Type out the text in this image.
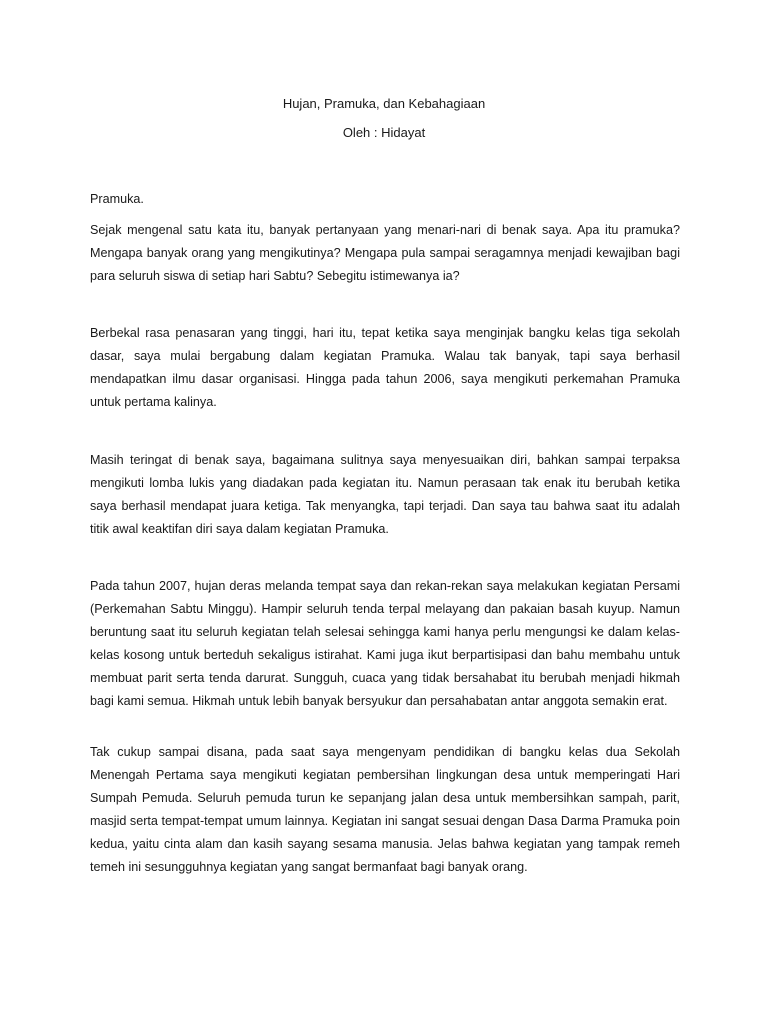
Hujan, Pramuka, dan Kebahagiaan

Oleh : Hidayat

Pramuka.

Sejak mengenal satu kata itu, banyak pertanyaan yang menari-nari di benak saya. Apa itu pramuka? Mengapa banyak orang yang mengikutinya? Mengapa pula sampai seragamnya menjadi kewajiban bagi para seluruh siswa di setiap hari Sabtu? Sebegitu istimewanya ia?

Berbekal rasa penasaran yang tinggi, hari itu, tepat ketika saya menginjak bangku kelas tiga sekolah dasar, saya mulai bergabung dalam kegiatan Pramuka. Walau tak banyak, tapi saya berhasil mendapatkan ilmu dasar organisasi. Hingga pada tahun 2006, saya mengikuti perkemahan Pramuka untuk pertama kalinya.

Masih teringat di benak saya, bagaimana sulitnya saya menyesuaikan diri, bahkan sampai terpaksa mengikuti lomba lukis yang diadakan pada kegiatan itu. Namun perasaan tak enak itu berubah ketika saya berhasil mendapat juara ketiga. Tak menyangka, tapi terjadi. Dan saya tau bahwa saat itu adalah titik awal keaktifan diri saya dalam kegiatan Pramuka.

Pada tahun 2007, hujan deras melanda tempat saya dan rekan-rekan saya melakukan kegiatan Persami (Perkemahan Sabtu Minggu). Hampir seluruh tenda terpal melayang dan pakaian basah kuyup. Namun beruntung saat itu seluruh kegiatan telah selesai sehingga kami hanya perlu mengungsi ke dalam kelas-kelas kosong untuk berteduh sekaligus istirahat. Kami juga ikut berpartisipasi dan bahu membahu untuk membuat parit serta tenda darurat. Sungguh, cuaca yang tidak bersahabat itu berubah menjadi hikmah bagi kami semua. Hikmah untuk lebih banyak bersyukur dan persahabatan antar anggota semakin erat.

Tak cukup sampai disana, pada saat saya mengenyam pendidikan di bangku kelas dua Sekolah Menengah Pertama saya mengikuti kegiatan pembersihan lingkungan desa untuk memperingati Hari Sumpah Pemuda. Seluruh pemuda turun ke sepanjang jalan desa untuk membersihkan sampah, parit, masjid serta tempat-tempat umum lainnya. Kegiatan ini sangat sesuai dengan Dasa Darma Pramuka poin kedua, yaitu cinta alam dan kasih sayang sesama manusia. Jelas bahwa kegiatan yang tampak remeh temeh ini sesungguhnya kegiatan yang sangat bermanfaat bagi banyak orang.
